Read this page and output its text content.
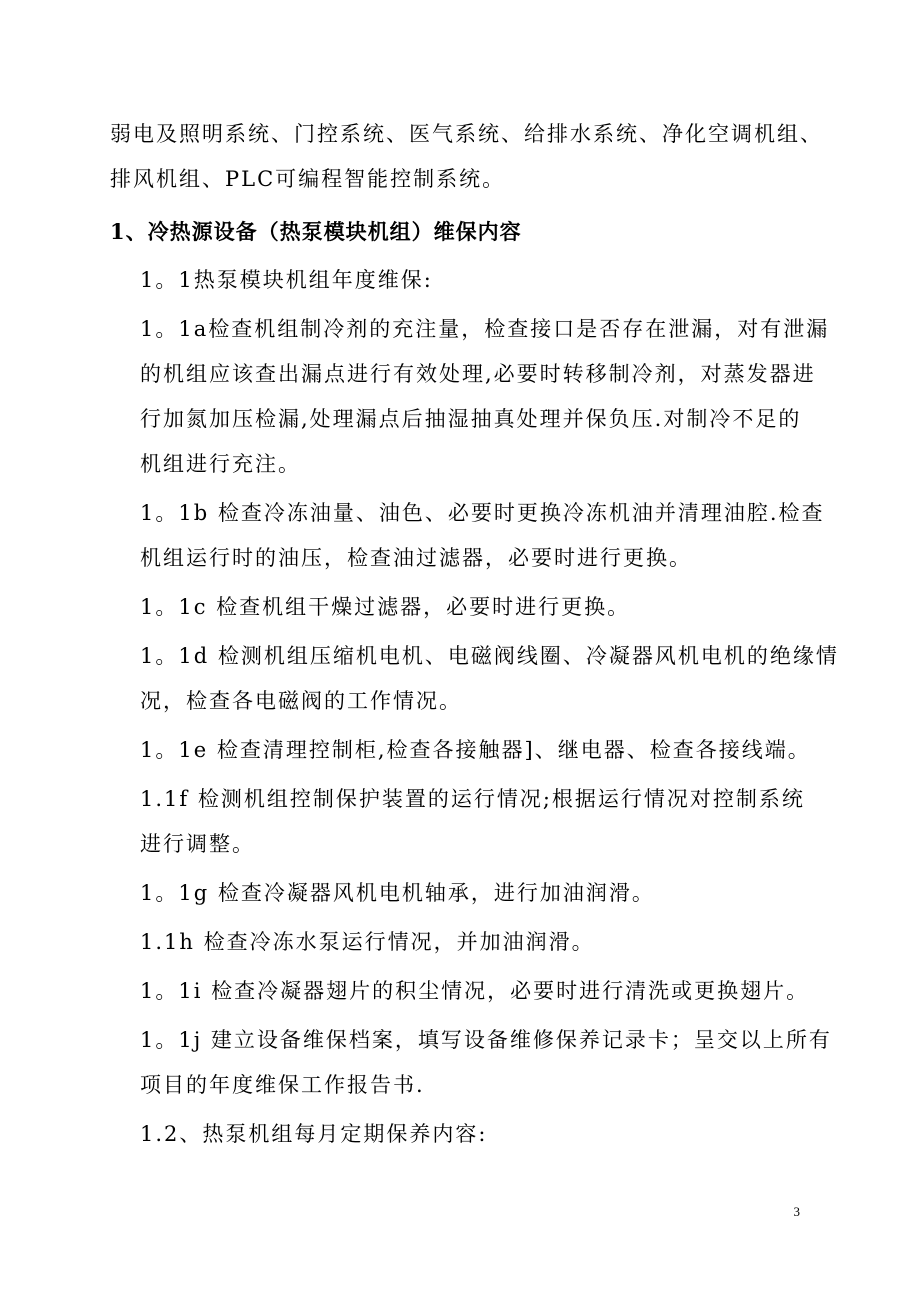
弱电及照明系统、门控系统、医气系统、给排水系统、净化空调机组、
排风机组、PLC可编程智能控制系统。

1、冷热源设备（热泵模块机组）维保内容

1。1热泵模块机组年度维保:

1。1a检查机组制冷剂的充注量，检查接口是否存在泄漏，对有泄漏
的机组应该查出漏点进行有效处理,必要时转移制冷剂，对蒸发器进
行加氮加压检漏,处理漏点后抽湿抽真处理并保负压.对制冷不足的
机组进行充注。

1。1b 检查冷冻油量、油色、必要时更换冷冻机油并清理油腔.检查
机组运行时的油压，检查油过滤器，必要时进行更换。

1。1c 检查机组干燥过滤器，必要时进行更换。

1。1d 检测机组压缩机电机、电磁阀线圈、冷凝器风机电机的绝缘情
况，检查各电磁阀的工作情况。

1。1e 检查清理控制柜,检查各接触器]、继电器、检查各接线端。

1.1f 检测机组控制保护装置的运行情况;根据运行情况对控制系统
进行调整。

1。1g 检查冷凝器风机电机轴承，进行加油润滑。

1.1h 检查冷冻水泵运行情况，并加油润滑。

1。1i 检查冷凝器翅片的积尘情况，必要时进行清洗或更换翅片。

1。1j 建立设备维保档案，填写设备维修保养记录卡；呈交以上所有
项目的年度维保工作报告书.

1.2、热泵机组每月定期保养内容:

3
